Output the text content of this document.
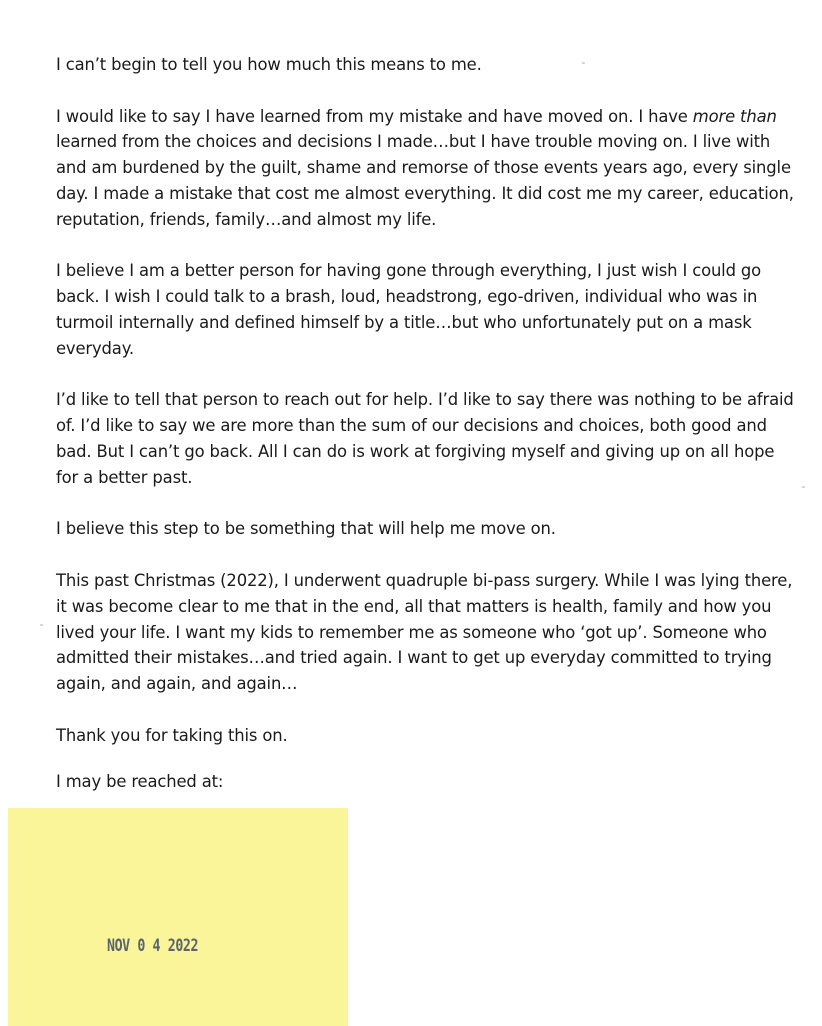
I can’t begin to tell you how much this means to me.

I would like to say I have learned from my mistake and have moved on. I have more than learned from the choices and decisions I made…but I have trouble moving on. I live with and am burdened by the guilt, shame and remorse of those events years ago, every single day. I made a mistake that cost me almost everything. It did cost me my career, education, reputation, friends, family…and almost my life.

I believe I am a better person for having gone through everything, I just wish I could go back. I wish I could talk to a brash, loud, headstrong, ego-driven, individual who was in turmoil internally and defined himself by a title…but who unfortunately put on a mask everyday.

I’d like to tell that person to reach out for help. I’d like to say there was nothing to be afraid of. I’d like to say we are more than the sum of our decisions and choices, both good and bad. But I can’t go back. All I can do is work at forgiving myself and giving up on all hope for a better past.

I believe this step to be something that will help me move on.

This past Christmas (2022), I underwent quadruple bi-pass surgery. While I was lying there, it was become clear to me that in the end, all that matters is health, family and how you lived your life. I want my kids to remember me as someone who ‘got up’. Someone who admitted their mistakes…and tried again. I want to get up everyday committed to trying again, and again, and again…

Thank you for taking this on.

I may be reached at:

NOV 0 4 2022
